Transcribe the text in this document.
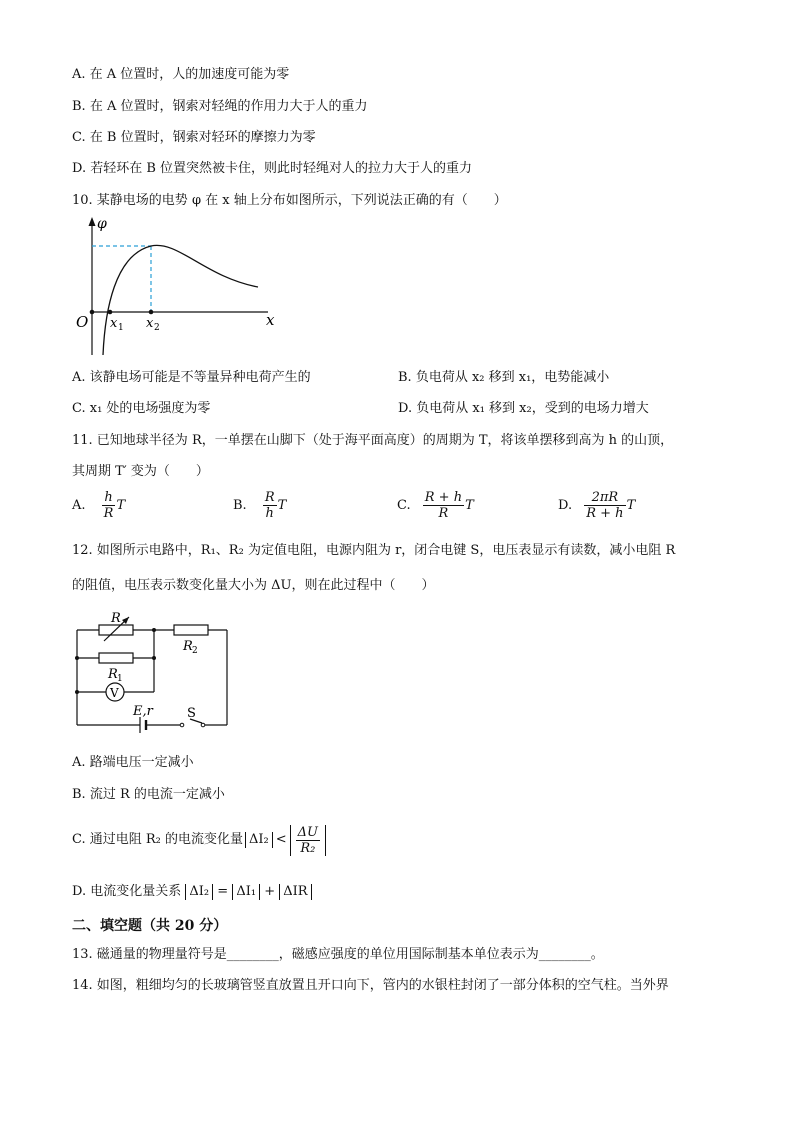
A. 在 A 位置时，人的加速度可能为零
B. 在 A 位置时，钢索对轻绳的作用力大于人的重力
C. 在 B 位置时，钢索对轻环的摩擦力为零
D. 若轻环在 B 位置突然被卡住，则此时轻绳对人的拉力大于人的重力
10. 某静电场的电势 φ 在 x 轴上分布如图所示，下列说法正确的有（　　）
φ
x
O x 1 x 2
A. 该静电场可能是不等量异种电荷产生的	B. 负电荷从 x₂ 移到 x₁，电势能减小
C. x₁ 处的电场强度为零	D. 负电荷从 x₁ 移到 x₂，受到的电场力增大
11. 已知地球半径为 R，一单摆在山脚下（处于海平面高度）的周期为 T，将该单摆移到高为 h 的山顶，
其周期 T′ 变为（　　）
A. $\frac{h}{R}$ T	B. $\frac{R}{h}$ T	C. $\frac{R + h}{R}$ T	D. $\frac{2\pi R}{R + h}$ T
12. 如图所示电路中，R₁、R₂ 为定值电阻，电源内阻为 r，闭合电键 S，电压表显示有读数，减小电阻 R
的阻值，电压表示数变化量大小为 ΔU，则在此过程中（　　）
R
R 1
R 2
V
E,r	S
A. 路端电压一定减小
B. 流过 R 的电流一定减小
C. 通过电阻 R₂ 的电流变化量 $\Delta I_2 < \frac{\Delta U}{\text{R₂}}$
D. 电流变化量关系 ΔI₂ = ΔI₁ + ΔIR
二、填空题（共 20 分）
13. 磁通量的物理量符号是________，磁感应强度的单位用国际制基本单位表示为________。
14. 如图，粗细均匀的长玻璃管竖直放置且开口向下，管内的水银柱封闭了一部分体积的空气柱。当外界
